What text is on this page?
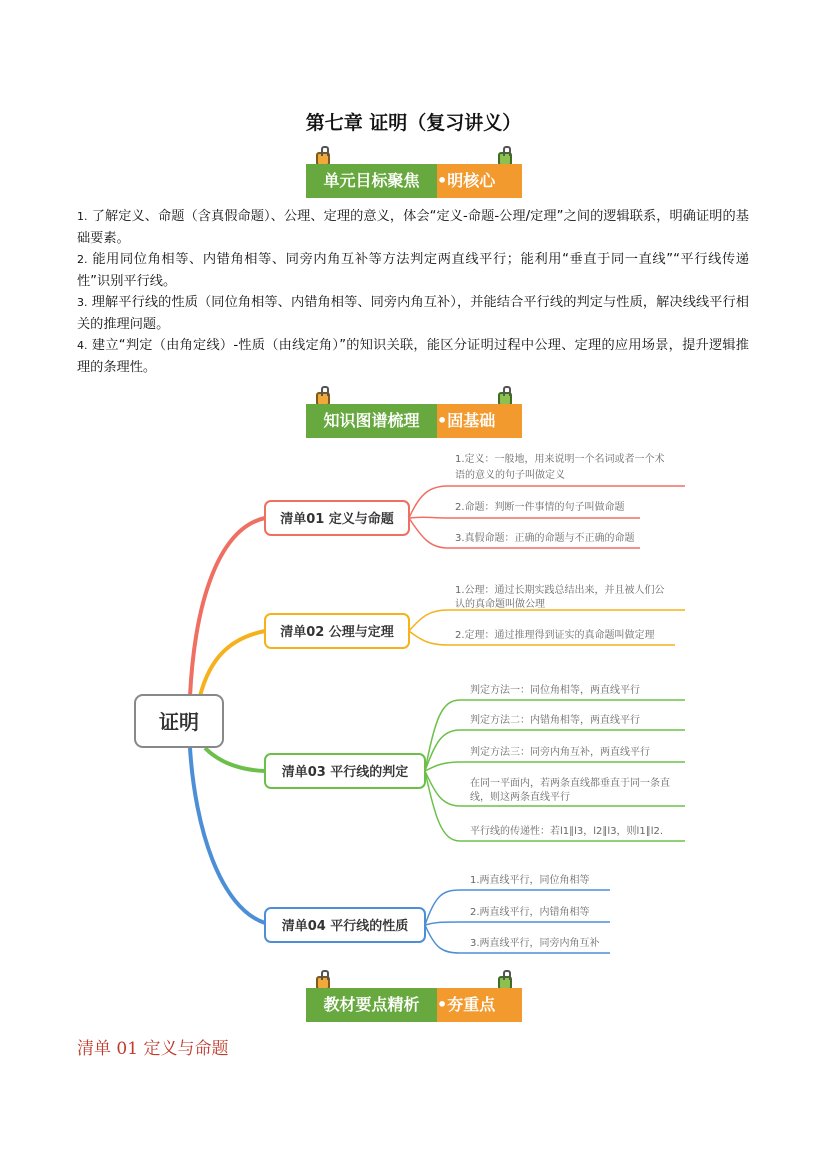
第七章 证明（复习讲义）
单元目标聚焦	•明核心

1. 了解定义、命题（含真假命题）、公理、定理的意义，体会“定义-命题-公理/定理”之间的逻辑联系，明确证明的基础要素。

2. 能用同位角相等、内错角相等、同旁内角互补等方法判定两直线平行；能利用“垂直于同一直线”“平行线传递性”识别平行线。

3. 理解平行线的性质（同位角相等、内错角相等、同旁内角互补），并能结合平行线的判定与性质，解决线线平行相关的推理问题。

4. 建立“判定（由角定线）-性质（由线定角）”的知识关联，能区分证明过程中公理、定理的应用场景，提升逻辑推理的条理性。

知识图谱梳理	•固基础
证明
清单01 定义与命题
1.定义：一般地，用来说明一个名词或者一个术
语的意义的句子叫做定义
2.命题：判断一件事情的句子叫做命题
3.真假命题：正确的命题与不正确的命题
清单02 公理与定理
1.公理：通过长期实践总结出来，并且被人们公
认的真命题叫做公理
2.定理：通过推理得到证实的真命题叫做定理
清单03 平行线的判定
判定方法一：同位角相等，两直线平行
判定方法二：内错角相等，两直线平行
判定方法三：同旁内角互补，两直线平行
在同一平面内，若两条直线都垂直于同一条直
线，则这两条直线平行
平行线的传递性：若l1∥l3，l2∥l3，则l1∥l2.
清单04 平行线的性质
1.两直线平行，同位角相等
2.两直线平行，内错角相等
3.两直线平行，同旁内角互补
教材要点精析	•夯重点
清单 01 定义与命题
